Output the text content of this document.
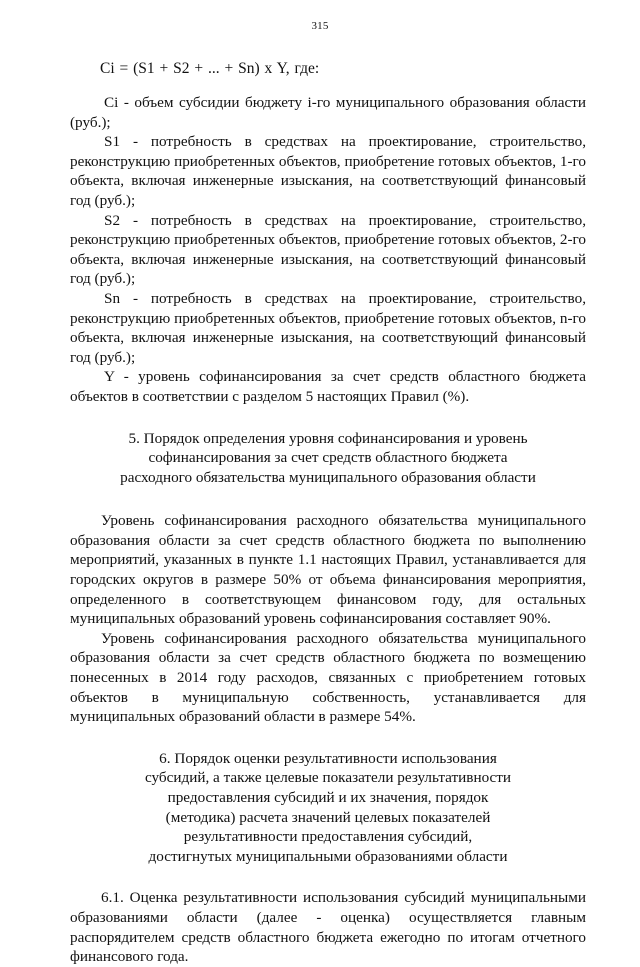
315
Ci = (S1 + S2 + ... + Sn) x Y, где:

Ci - объем субсидии бюджету i-го муниципального образования области (руб.);

S1 - потребность в средствах на проектирование, строительство, реконструкцию приобретенных объектов, приобретение готовых объектов, 1-го объекта, включая инженерные изыскания, на соответствующий финансовый год (руб.);

S2 - потребность в средствах на проектирование, строительство, реконструкцию приобретенных объектов, приобретение готовых объектов, 2-го объекта, включая инженерные изыскания, на соответствующий финансовый год (руб.);

Sn - потребность в средствах на проектирование, строительство, реконструкцию приобретенных объектов, приобретение готовых объектов, n-го объекта, включая инженерные изыскания, на соответствующий финансовый год (руб.);

Y - уровень софинансирования за счет средств областного бюджета объектов в соответствии с разделом 5 настоящих Правил (%).

5. Порядок определения уровня софинансирования и уровень
софинансирования за счет средств областного бюджета
расходного обязательства муниципального образования области

Уровень софинансирования расходного обязательства муниципального образования области за счет средств областного бюджета по выполнению мероприятий, указанных в пункте 1.1 настоящих Правил, устанавливается для городских округов в размере 50% от объема финансирования мероприятия, определенного в соответствующем финансовом году, для остальных муниципальных образований уровень софинансирования составляет 90%.

Уровень софинансирования расходного обязательства муниципального образования области за счет средств областного бюджета по возмещению понесенных в 2014 году расходов, связанных с приобретением готовых объектов в муниципальную собственность, устанавливается для муниципальных образований области в размере 54%.

6. Порядок оценки результативности использования
субсидий, а также целевые показатели результативности
предоставления субсидий и их значения, порядок
(методика) расчета значений целевых показателей
результативности предоставления субсидий,
достигнутых муниципальными образованиями области

6.1. Оценка результативности использования субсидий муниципальными образованиями области (далее - оценка) осуществляется главным распорядителем средств областного бюджета ежегодно по итогам отчетного финансового года.
